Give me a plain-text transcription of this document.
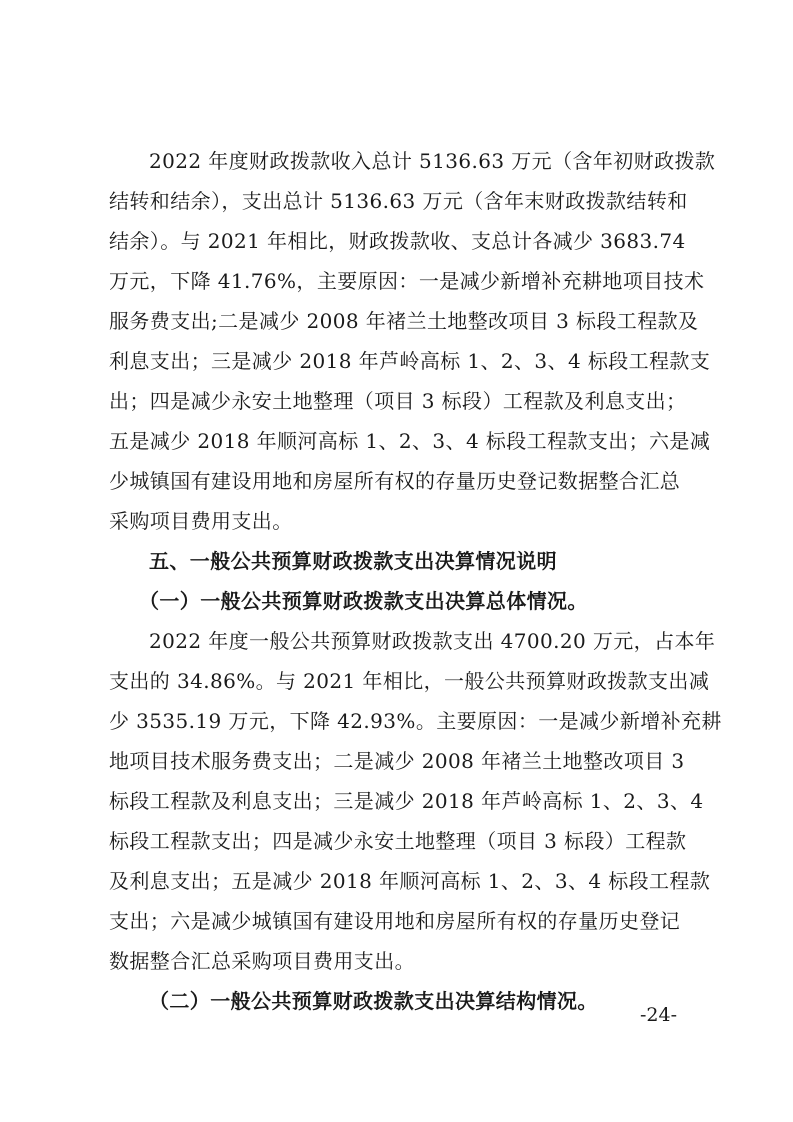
2022 年度财政拨款收入总计 5136.63 万元（含年初财政拨款
结转和结余），支出总计 5136.63 万元（含年末财政拨款结转和
结余）。与 2021 年相比，财政拨款收、支总计各减少 3683.74
万元，下降 41.76%，主要原因：一是减少新增补充耕地项目技术
服务费支出;二是减少 2008 年褚兰土地整改项目 3 标段工程款及
利息支出；三是减少 2018 年芦岭高标 1、2、3、4 标段工程款支
出；四是减少永安土地整理（项目 3 标段）工程款及利息支出；
五是减少 2018 年顺河高标 1、2、3、4 标段工程款支出；六是减
少城镇国有建设用地和房屋所有权的存量历史登记数据整合汇总
采购项目费用支出。
五、一般公共预算财政拨款支出决算情况说明
（一）一般公共预算财政拨款支出决算总体情况。
2022 年度一般公共预算财政拨款支出 4700.20 万元，占本年
支出的 34.86%。与 2021 年相比，一般公共预算财政拨款支出减
少 3535.19 万元，下降 42.93%。主要原因：一是减少新增补充耕
地项目技术服务费支出；二是减少 2008 年褚兰土地整改项目 3
标段工程款及利息支出；三是减少 2018 年芦岭高标 1、2、3、4
标段工程款支出；四是减少永安土地整理（项目 3 标段）工程款
及利息支出；五是减少 2018 年顺河高标 1、2、3、4 标段工程款
支出；六是减少城镇国有建设用地和房屋所有权的存量历史登记
数据整合汇总采购项目费用支出。
（二）一般公共预算财政拨款支出决算结构情况。
-24-
